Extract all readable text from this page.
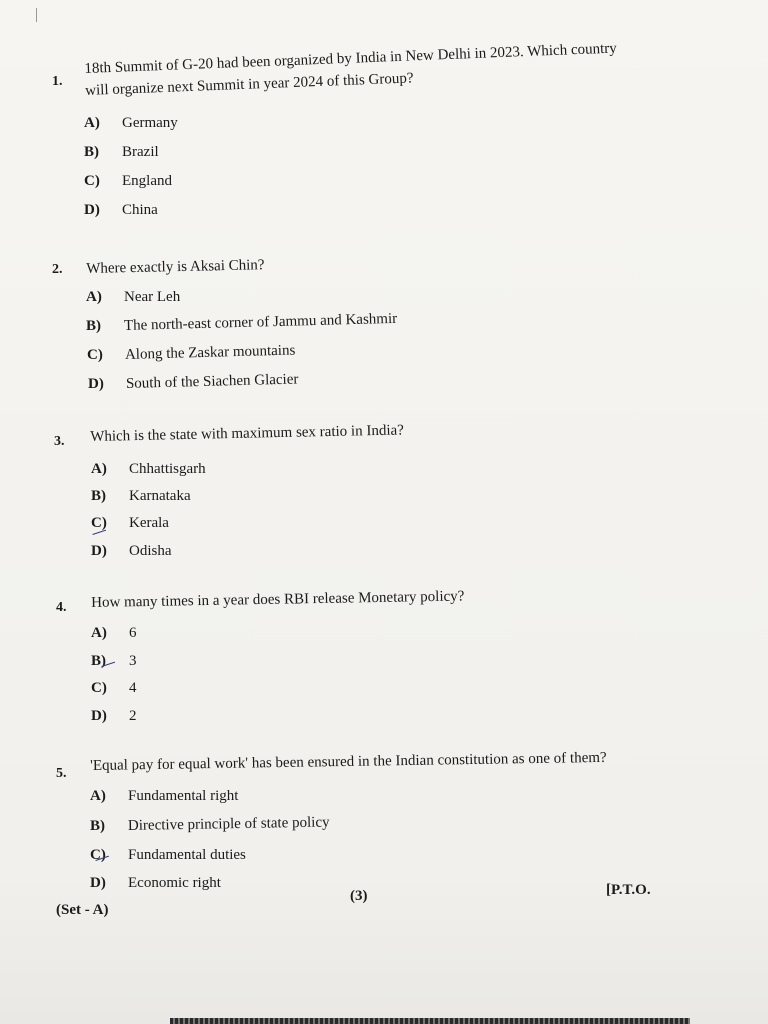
1.
18th Summit of G-20 had been organized by India in New Delhi in 2023. Which country
will organize next Summit in year 2024 of this Group?
A) Germany
B) Brazil
C) England
D) China
2. Where exactly is Aksai Chin?
A) Near Leh
B) The north-east corner of Jammu and Kashmir
C) Along the Zaskar mountains
D) South of the Siachen Glacier
3. Which is the state with maximum sex ratio in India?
A) Chhattisgarh
B) Karnataka
C) Kerala
D) Odisha
4. How many times in a year does RBI release Monetary policy?
A) 6
B) 3
C) 4
D) 2
5. 'Equal pay for equal work' has been ensured in the Indian constitution as one of them?
A) Fundamental right
B) Directive principle of state policy
C) Fundamental duties
D) Economic right
(Set - A)
(3)	[P.T.O.
